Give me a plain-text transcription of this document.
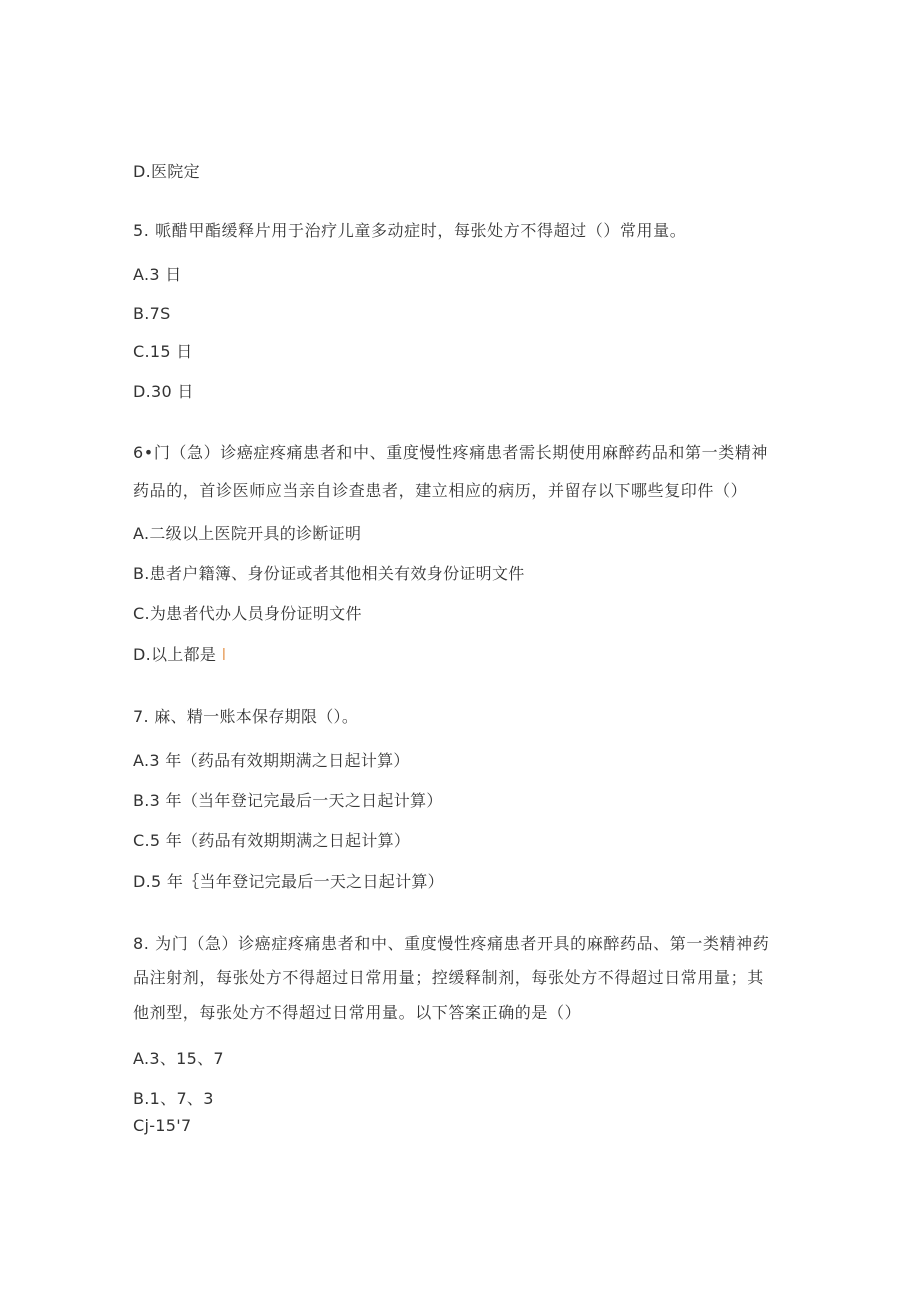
D.医院定
5. 哌醋甲酯缓释片用于治疗儿童多动症时，每张处方不得超过（）常用量。
A.3 日
B.7S
C.15 日
D.30 日
6•门（急）诊癌症疼痛患者和中、重度慢性疼痛患者需长期使用麻醉药品和第一类精神
药品的，首诊医师应当亲自诊查患者，建立相应的病历，并留存以下哪些复印件（）
A.二级以上医院开具的诊断证明
B.患者户籍簿、身份证或者其他相关有效身份证明文件
C.为患者代办人员身份证明文件
D.以上都是 l
7. 麻、精一账本保存期限（）。
A.3 年（药品有效期期满之日起计算）
B.3 年（当年登记完最后一天之日起计算）
C.5 年（药品有效期期满之日起计算）
D.5 年｛当年登记完最后一天之日起计算）
8. 为门（急）诊癌症疼痛患者和中、重度慢性疼痛患者开具的麻醉药品、第一类精神药
品注射剂，每张处方不得超过日常用量；控缓释制剂，每张处方不得超过日常用量；其
他剂型，每张处方不得超过日常用量。以下答案正确的是（）
A.3、15、7
B.1、7、3
Cj-15'7
